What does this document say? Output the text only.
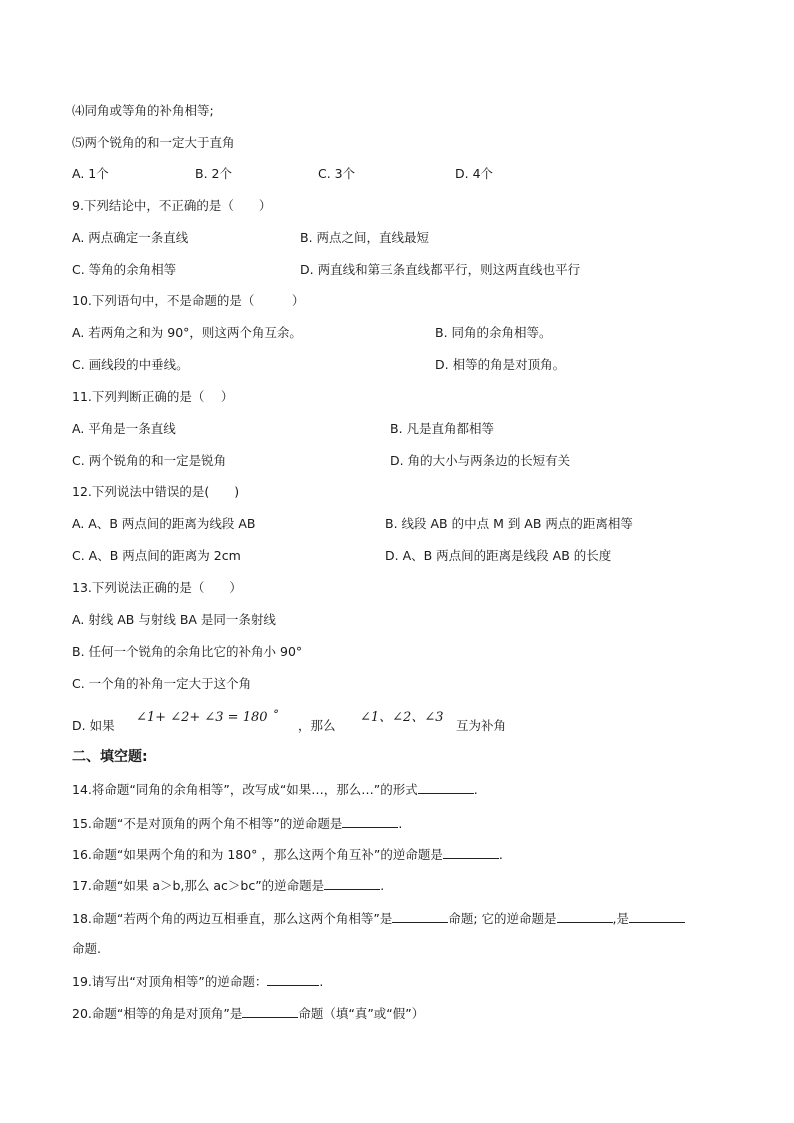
⑷同角或等角的补角相等;
⑸两个锐角的和一定大于直角
A. 1个	B. 2个	C. 3个	D. 4个
9.下列结论中，不正确的是（　　）
A. 两点确定一条直线	B. 两点之间，直线最短
C. 等角的余角相等	D. 两直线和第三条直线都平行，则这两直线也平行
10.下列语句中，不是命题的是（　　　）
A. 若两角之和为 90°，则这两个角互余。	B. 同角的余角相等。
C. 画线段的中垂线。	D. 相等的角是对顶角。
11.下列判断正确的是（　 ）
A. 平角是一条直线	B. 凡是直角都相等
C. 两个锐角的和一定是锐角	D. 角的大小与两条边的长短有关
12.下列说法中错误的是(　　)
A. A、B 两点间的距离为线段 AB	B. 线段 AB 的中点 M 到 AB 两点的距离相等
C. A、B 两点间的距离为 2cm	D. A、B 两点间的距离是线段 AB 的长度
13.下列说法正确的是（　　）
A. 射线 AB 与射线 BA 是同一条射线
B. 任何一个锐角的余角比它的补角小 90°
C. 一个角的补角一定大于这个角
D. 如果
∠1+ ∠2+ ∠3 = 180 ˚
，那么
∠1、∠2、∠3
互为补角
二、填空题:
14.将命题“同角的余角相等”，改写成“如果…，那么…”的形式	.
15.命题“不是对顶角的两个角不相等”的逆命题是	.
16.命题“如果两个角的和为 180° ，那么这两个角互补”的逆命题是	.
17.命题“如果 a＞b,那么 ac＞bc”的逆命题是	.
18.命题“若两个角的两边互相垂直，那么这两个角相等”是	命题; 它的逆命题是	,是
命题.
19.请写出“对顶角相等”的逆命题：	.
20.命题“相等的角是对顶角”是	命题（填“真”或“假”）
